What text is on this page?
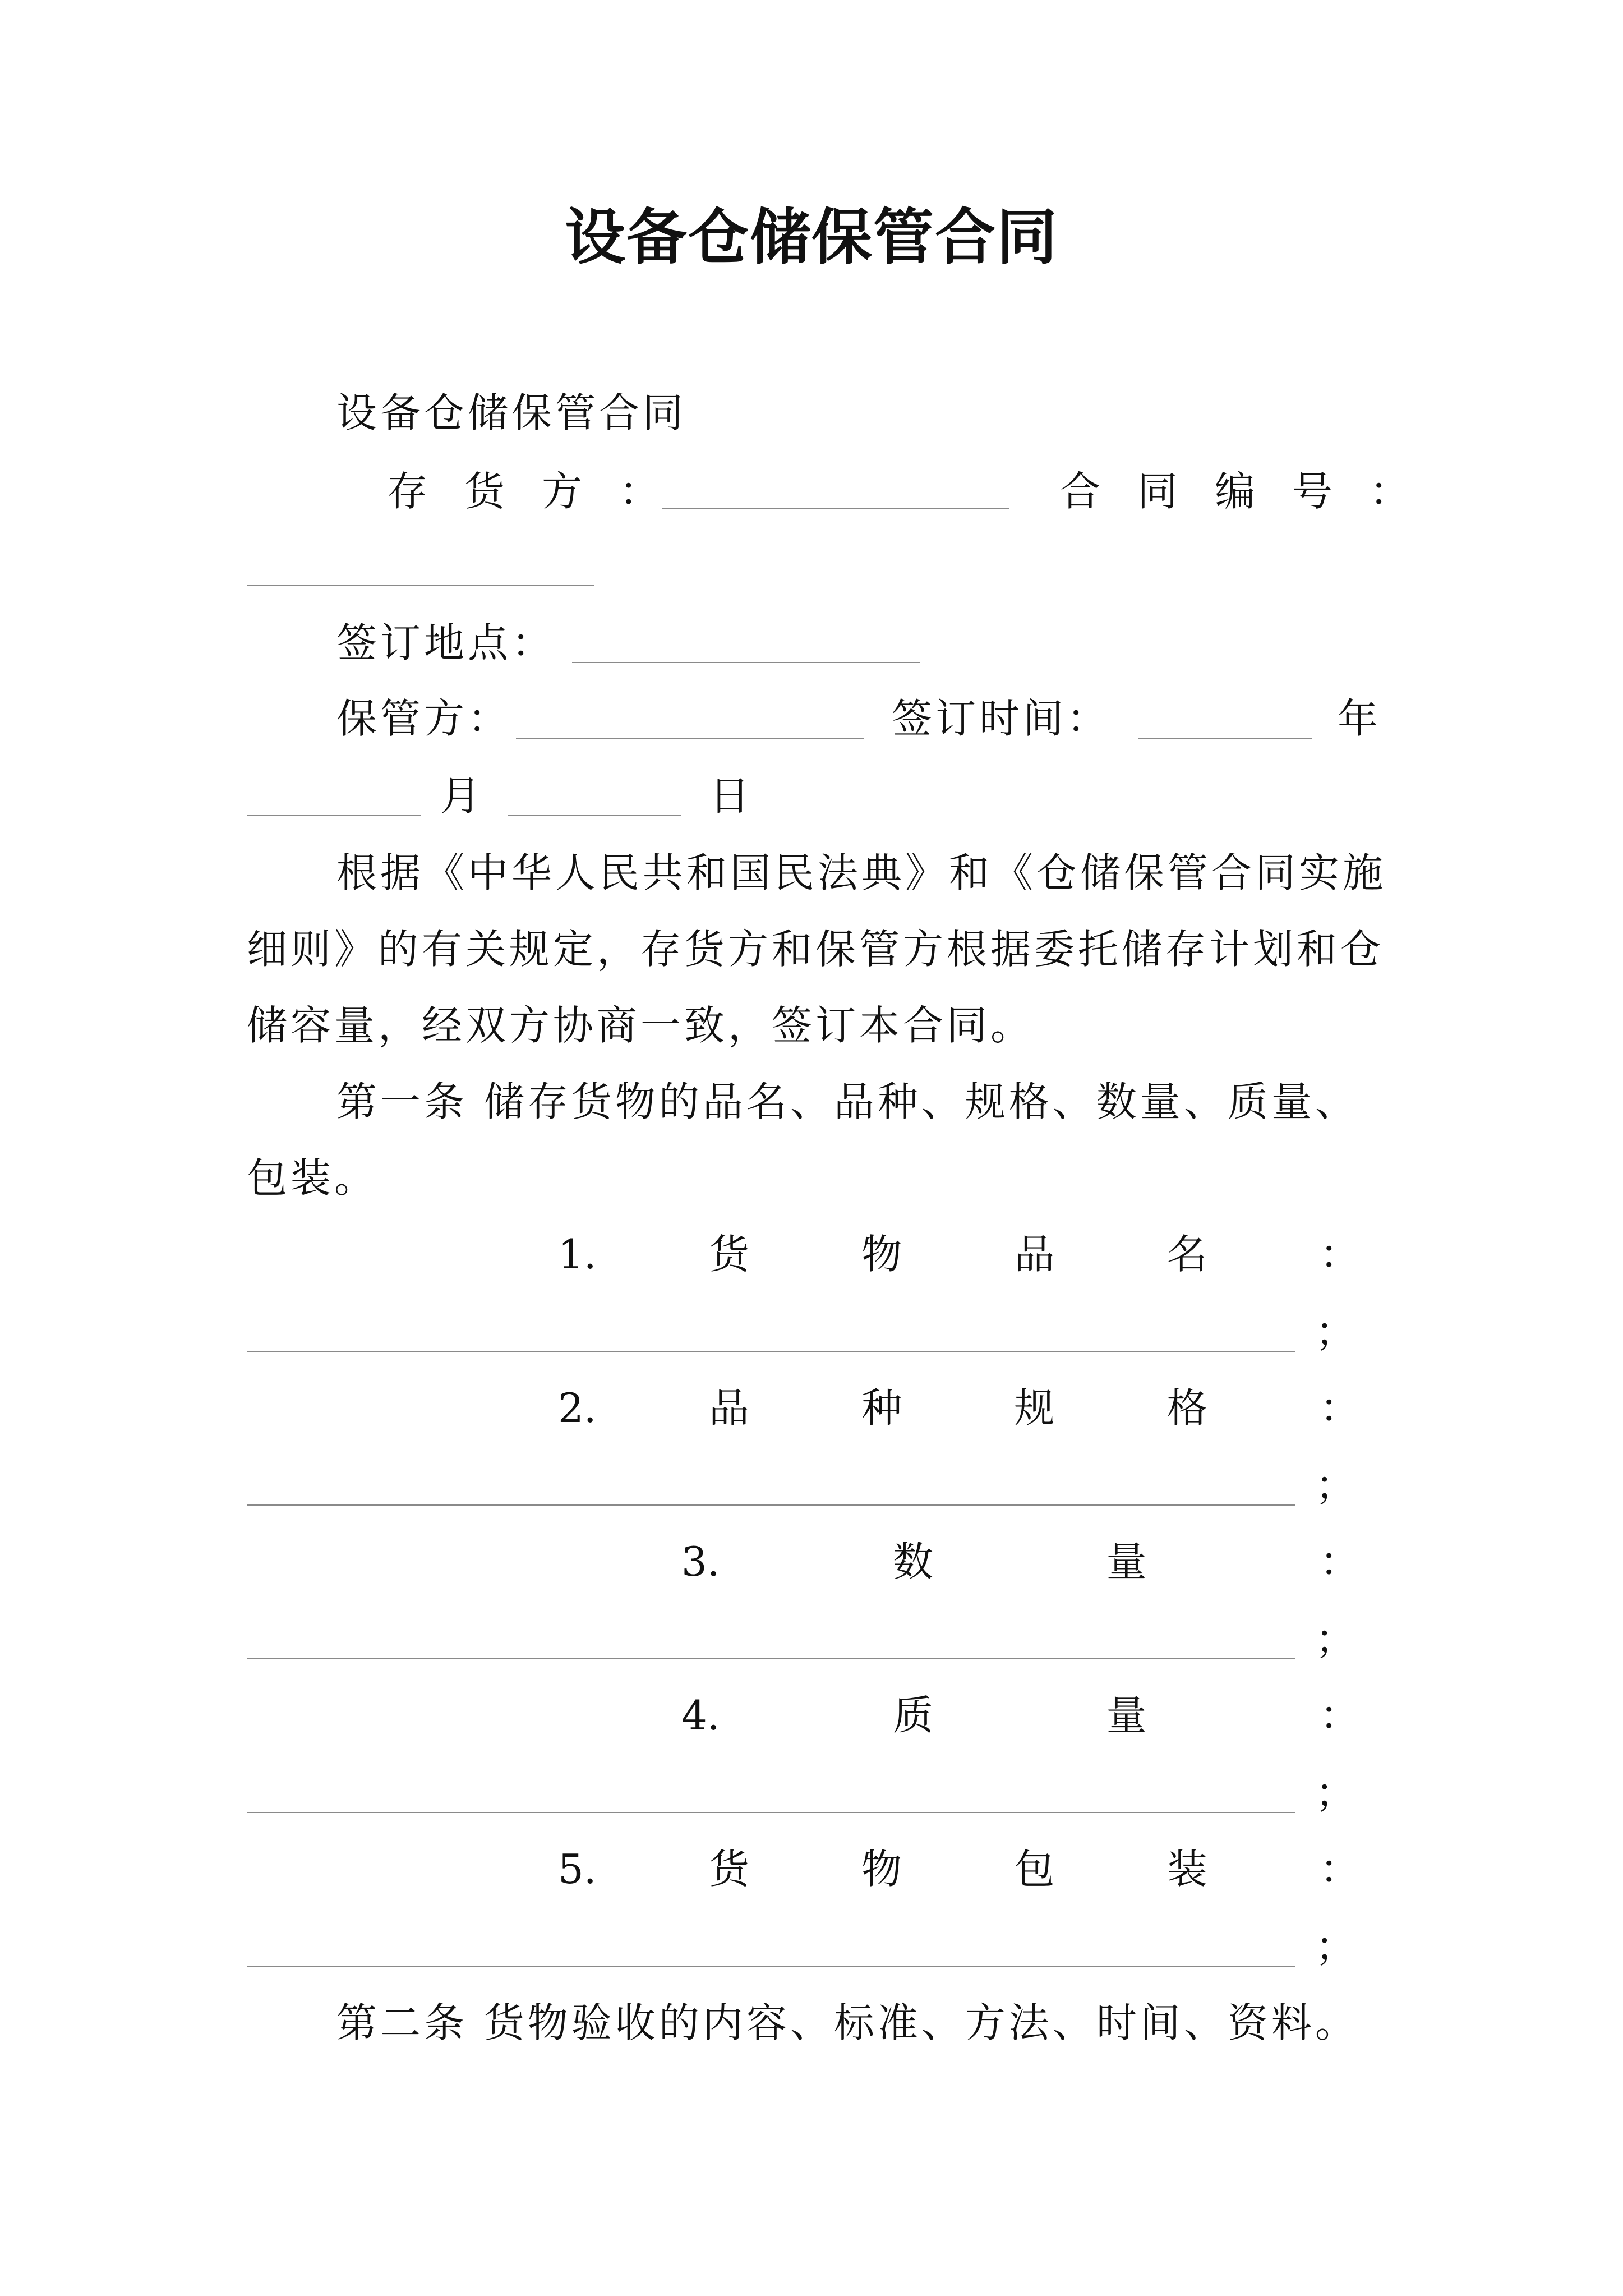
设备仓储保管合同
设备仓储保管合同
存货方：	合同编号：
签订地点：
保管方：	签订时间：	年
月	日
根据《中华人民共和国民法典》和《仓储保管合同实施
细则》的有关规定，存货方和保管方根据委托储存计划和仓
储容量，经双方协商一致，签订本合同。
第一条 储存货物的品名、品种、规格、数量、质量、
包装。
1.	货	物	品	名	：
；
2.	品	种	规	格	：
；
3.	数	量	：
；
4.	质	量	：
；
5.	货	物	包	装	：
；
第二条 货物验收的内容、标准、方法、时间、资料。
